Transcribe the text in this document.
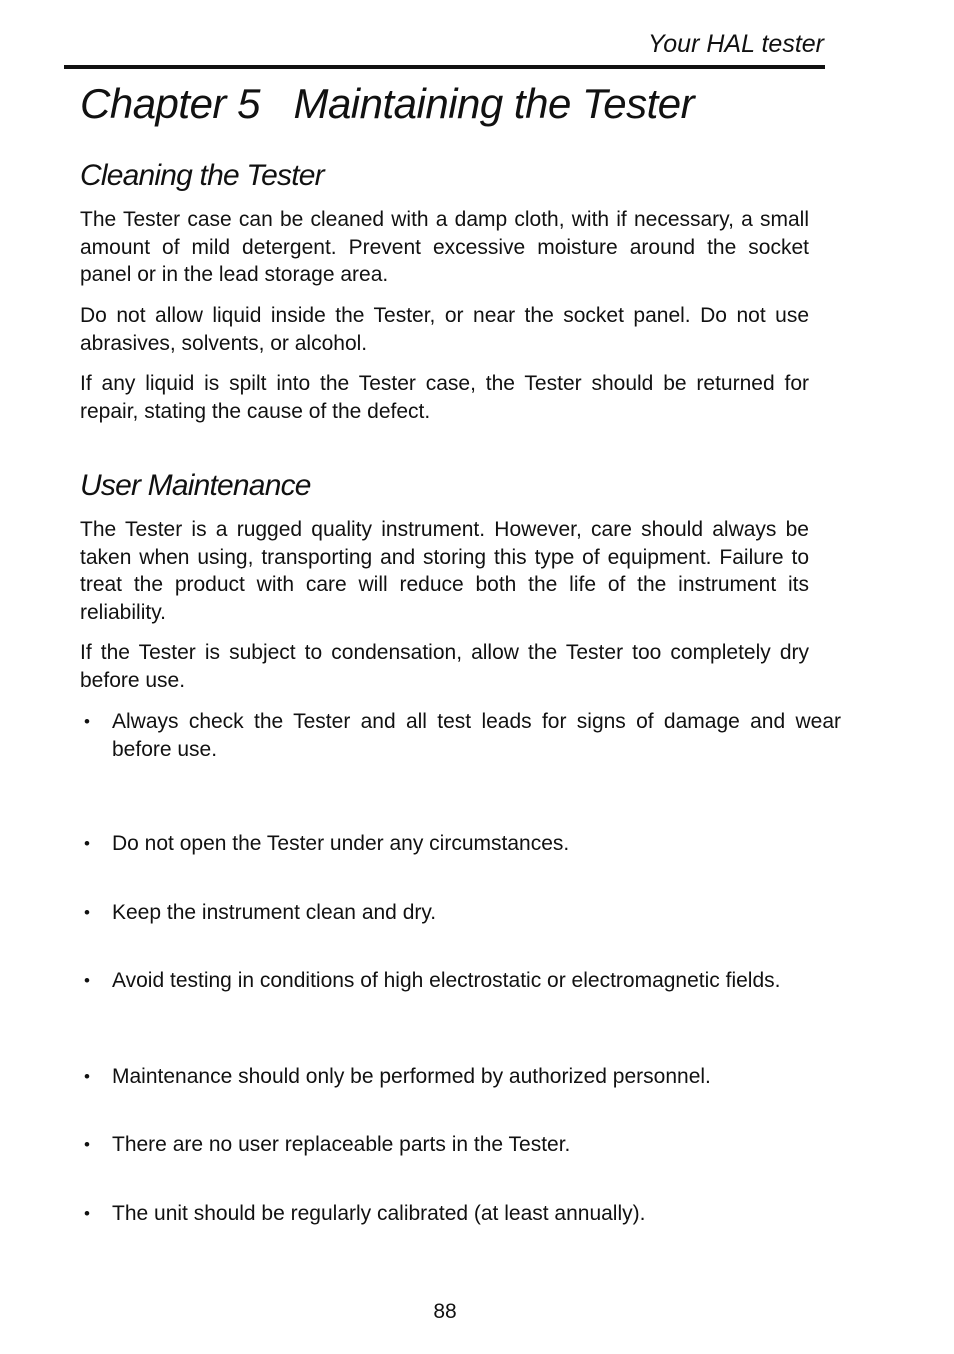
Your HAL tester
Chapter 5   Maintaining the Tester
Cleaning the Tester

The Tester case can be cleaned with a damp cloth, with if necessary, a small amount of mild detergent. Prevent excessive moisture around the socket panel or in the lead storage area.

Do not allow liquid inside the Tester, or near the socket panel. Do not use abrasives, solvents, or alcohol.

If any liquid is spilt into the Tester case, the Tester should be returned for repair, stating the cause of the defect.

User Maintenance

The Tester is a rugged quality instrument. However, care should always be taken when using, transporting and storing this type of equipment. Failure to treat the product with care will reduce both the life of the instrument its reliability.

If the Tester is subject to condensation, allow the Tester too completely dry before use.

• Always check the Tester and all test leads for signs of damage and wear before use.
• Do not open the Tester under any circumstances.
• Keep the instrument clean and dry.
• Avoid testing in conditions of high electrostatic or electromagnetic fields.
• Maintenance should only be performed by authorized personnel.
• There are no user replaceable parts in the Tester.
• The unit should be regularly calibrated (at least annually).
88
